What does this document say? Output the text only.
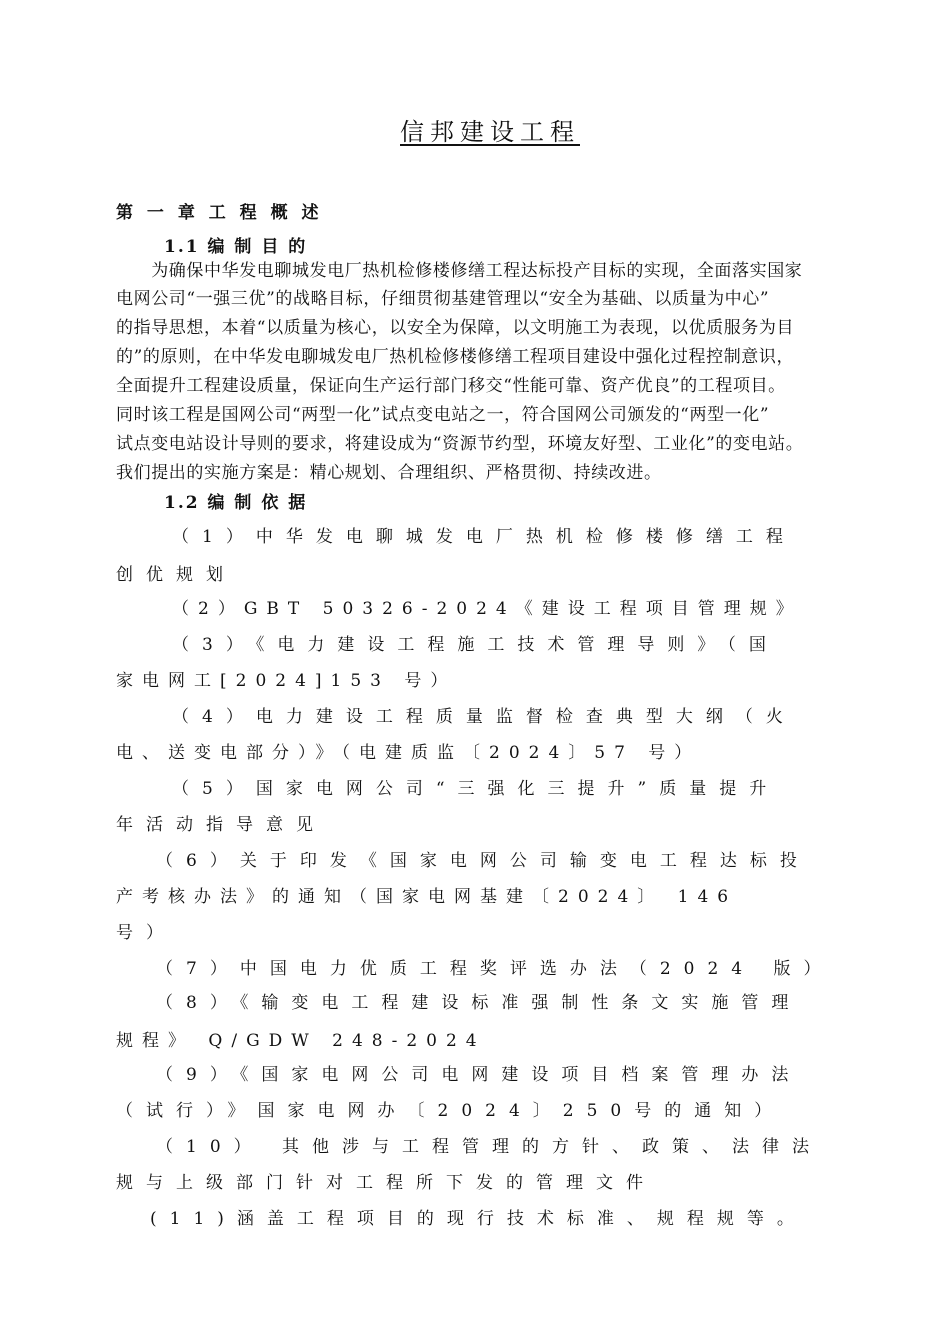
信邦建设工程
第 一 章 工 程 概 述
1.1 编 制 目 的
　　为确保中华发电聊城发电厂热机检修楼修缮工程达标投产目标的实现，全面落实国家
电网公司“一强三优”的战略目标，仔细贯彻基建管理以“安全为基础、以质量为中心”
的指导思想，本着“以质量为核心，以安全为保障，以文明施工为表现，以优质服务为目
的”的原则，在中华发电聊城发电厂热机检修楼修缮工程项目建设中强化过程控制意识，
全面提升工程建设质量，保证向生产运行部门移交“性能可靠、资产优良”的工程项目。
同时该工程是国网公司“两型一化”试点变电站之一，符合国网公司颁发的“两型一化”
试点变电站设计导则的要求，将建设成为“资源节约型，环境友好型、工业化”的变电站。
我们提出的实施方案是：精心规划、合理组织、严格贯彻、持续改进。
1.2 编 制 依 据
（1）中华发电聊城发电厂热机检修楼修缮工程
创优规划
（2）GBT 50326-2024《建设工程项目管理规》
（3）《电力建设工程施工技术管理导则》（国
家电网工[2024]153 号）
（4）电力建设工程质量监督检查典型大纲（火
电、送变电部分）》（电建质监〔2024〕57 号）
（5）国家电网公司“三强化三提升”质量提升
年活动指导意见
（6）关于印发《国家电网公司输变电工程达标投
产考核办法》的通知（国家电网基建〔2024〕 146
号）
（7）中国电力优质工程奖评选办法（2024 版）
（8）《输变电工程建设标准强制性条文实施管理
规程》 Q/GDW 248-2024
（9）《国家电网公司电网建设项目档案管理办法
（试行）》国家电网办〔2024〕250号的通知）
（10） 其他涉与工程管理的方针、政策、法律法
规与上级部门针对工程所下发的管理文件
(11)涵盖工程项目的现行技术标准、规程规等。
